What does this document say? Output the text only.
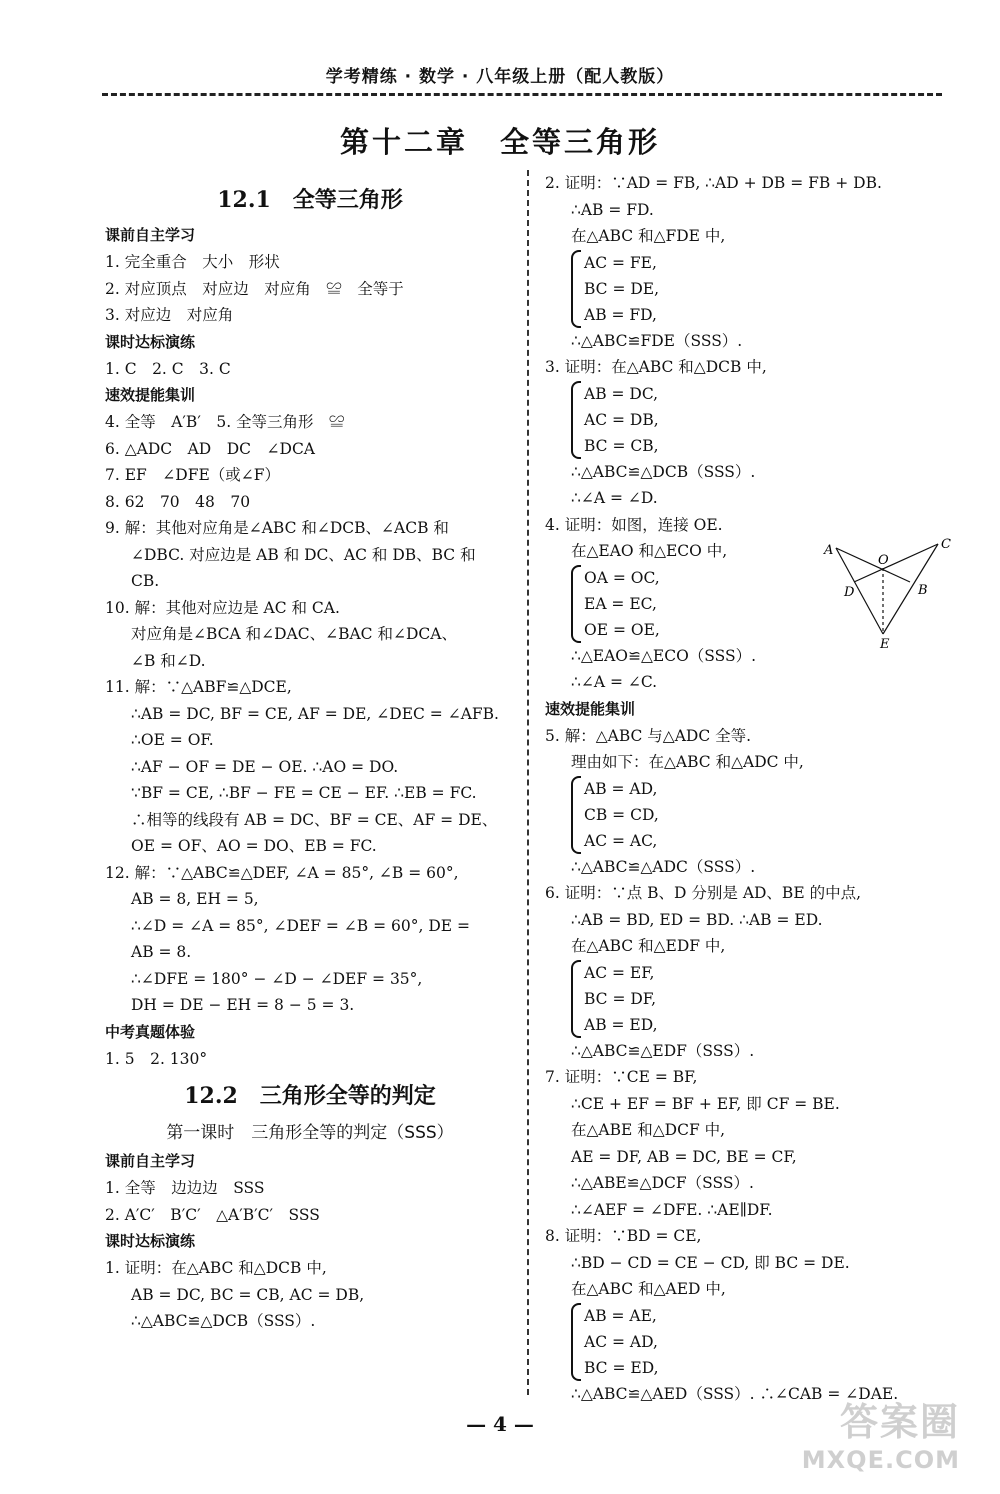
学考精练 · 数学 · 八年级上册（配人教版）
第十二章　全等三角形
12.1　全等三角形
课前自主学习
1. 完全重合　大小　形状
2. 对应顶点　对应边　对应角　≌　全等于
3. 对应边　对应角
课时达标演练
1. C　2. C　3. C
速效提能集训
4. 全等　A′B′　5. 全等三角形　≌
6. △ADC　AD　DC　∠DCA
7. EF　∠DFE（或∠F）
8. 62　70　48　70
9. 解：其他对应角是∠ABC 和∠DCB、∠ACB 和
∠DBC. 对应边是 AB 和 DC、AC 和 DB、BC 和
CB.
10. 解：其他对应边是 AC 和 CA.
对应角是∠BCA 和∠DAC、∠BAC 和∠DCA、
∠B 和∠D.
11. 解：∵△ABF≌△DCE,
∴AB = DC, BF = CE, AF = DE, ∠DEC = ∠AFB.
∴OE = OF.
∴AF − OF = DE − OE. ∴AO = DO.
∵BF = CE, ∴BF − FE = CE − EF. ∴EB = FC.
∴相等的线段有 AB = DC、BF = CE、AF = DE、
OE = OF、AO = DO、EB = FC.
12. 解：∵△ABC≌△DEF, ∠A = 85°, ∠B = 60°,
AB = 8, EH = 5,
∴∠D = ∠A = 85°, ∠DEF = ∠B = 60°, DE =
AB = 8.
∴∠DFE = 180° − ∠D − ∠DEF = 35°,
DH = DE − EH = 8 − 5 = 3.
中考真题体验
1. 5　2. 130°
12.2　三角形全等的判定
第一课时　三角形全等的判定（SSS）
课前自主学习
1. 全等　边边边　SSS
2. A′C′　B′C′　△A′B′C′　SSS
课时达标演练
1. 证明：在△ABC 和△DCB 中,
AB = DC, BC = CB, AC = DB,
∴△ABC≌△DCB（SSS）.
2. 证明：∵AD = FB, ∴AD + DB = FB + DB.
∴AB = FD.
在△ABC 和△FDE 中,
AC = FE,
BC = DE,
AB = FD,
∴△ABC≌FDE（SSS）.
3. 证明：在△ABC 和△DCB 中,
AB = DC,
AC = DB,
BC = CB,
∴△ABC≌△DCB（SSS）.
∴∠A = ∠D.
4. 证明：如图，连接 OE.
在△EAO 和△ECO 中,
OA = OC,
EA = EC,
OE = OE,
∴△EAO≌△ECO（SSS）.
∴∠A = ∠C.
速效提能集训
5. 解：△ABC 与△ADC 全等.
理由如下：在△ABC 和△ADC 中,
AB = AD,
CB = CD,
AC = AC,
∴△ABC≌△ADC（SSS）.
6. 证明：∵点 B、D 分别是 AD、BE 的中点,
∴AB = BD, ED = BD. ∴AB = ED.
在△ABC 和△EDF 中,
AC = EF,
BC = DF,
AB = ED,
∴△ABC≌△EDF（SSS）.
7. 证明：∵CE = BF,
∴CE + EF = BF + EF, 即 CF = BE.
在△ABE 和△DCF 中,
AE = DF, AB = DC, BE = CF,
∴△ABE≌△DCF（SSS）.
∴∠AEF = ∠DFE. ∴AE∥DF.
8. 证明：∵BD = CE,
∴BD − CD = CE − CD, 即 BC = DE.
在△ABC 和△AED 中,
AB = AE,
AC = AD,
BC = ED,
∴△ABC≌△AED（SSS）. ∴∠CAB = ∠DAE.
A
O
C
D	B
E
— 4 —	答案圈
MXQE.COM
